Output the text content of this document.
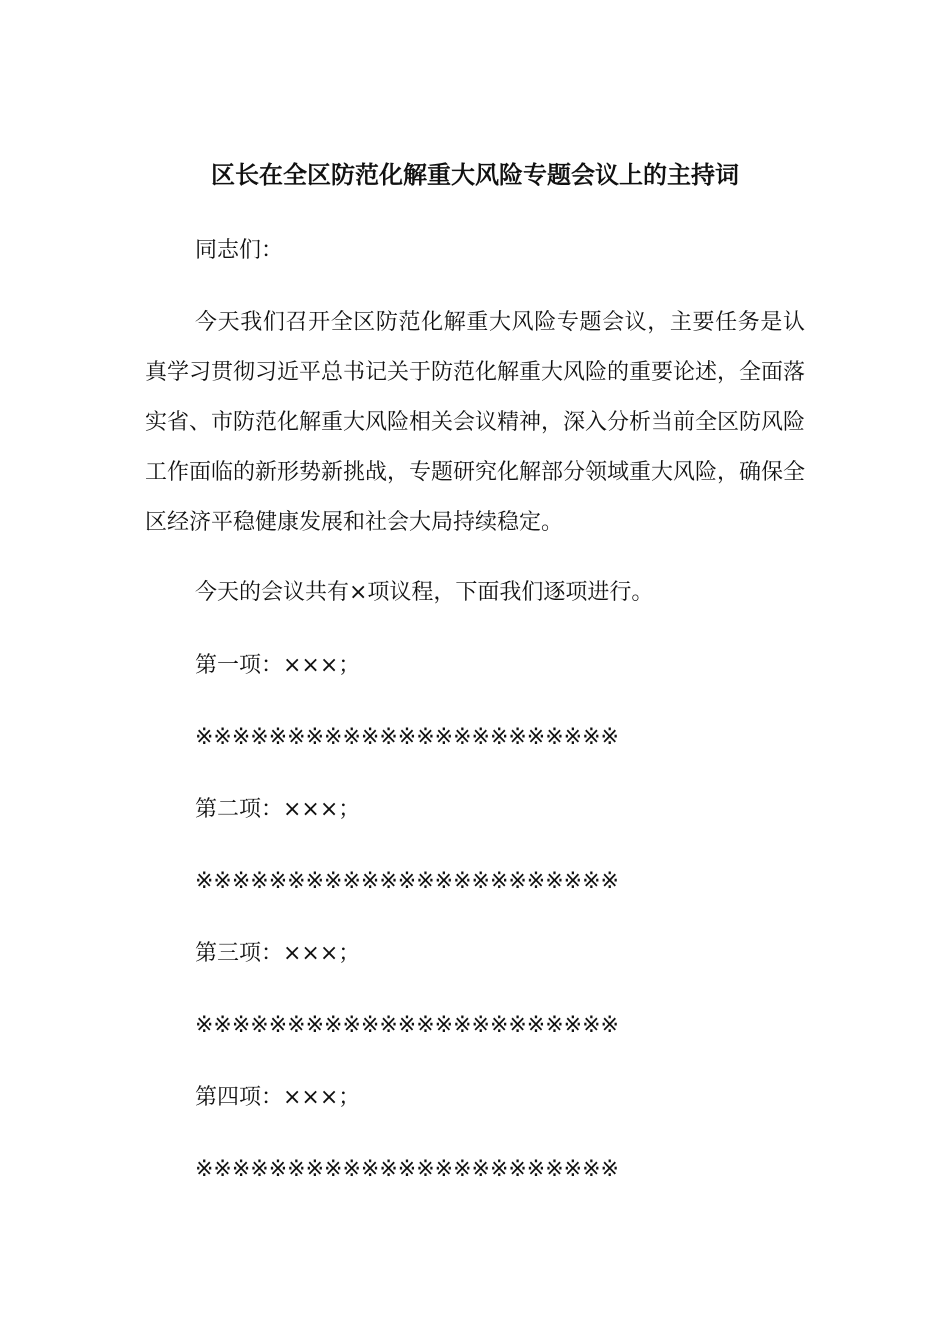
区长在全区防范化解重大风险专题会议上的主持词
同志们：
今天我们召开全区防范化解重大风险专题会议，主要任务是认真学习贯彻习近平总书记关于防范化解重大风险的重要论述，全面落实省、市防范化解重大风险相关会议精神，深入分析当前全区防风险工作面临的新形势新挑战，专题研究化解部分领域重大风险，确保全区经济平稳健康发展和社会大局持续稳定。
今天的会议共有×项议程，下面我们逐项进行。
第一项：×××；
※※※※※※※※※※※※※※※※※※※※※※※
第二项：×××；
※※※※※※※※※※※※※※※※※※※※※※※
第三项：×××；
※※※※※※※※※※※※※※※※※※※※※※※
第四项：×××；
※※※※※※※※※※※※※※※※※※※※※※※
